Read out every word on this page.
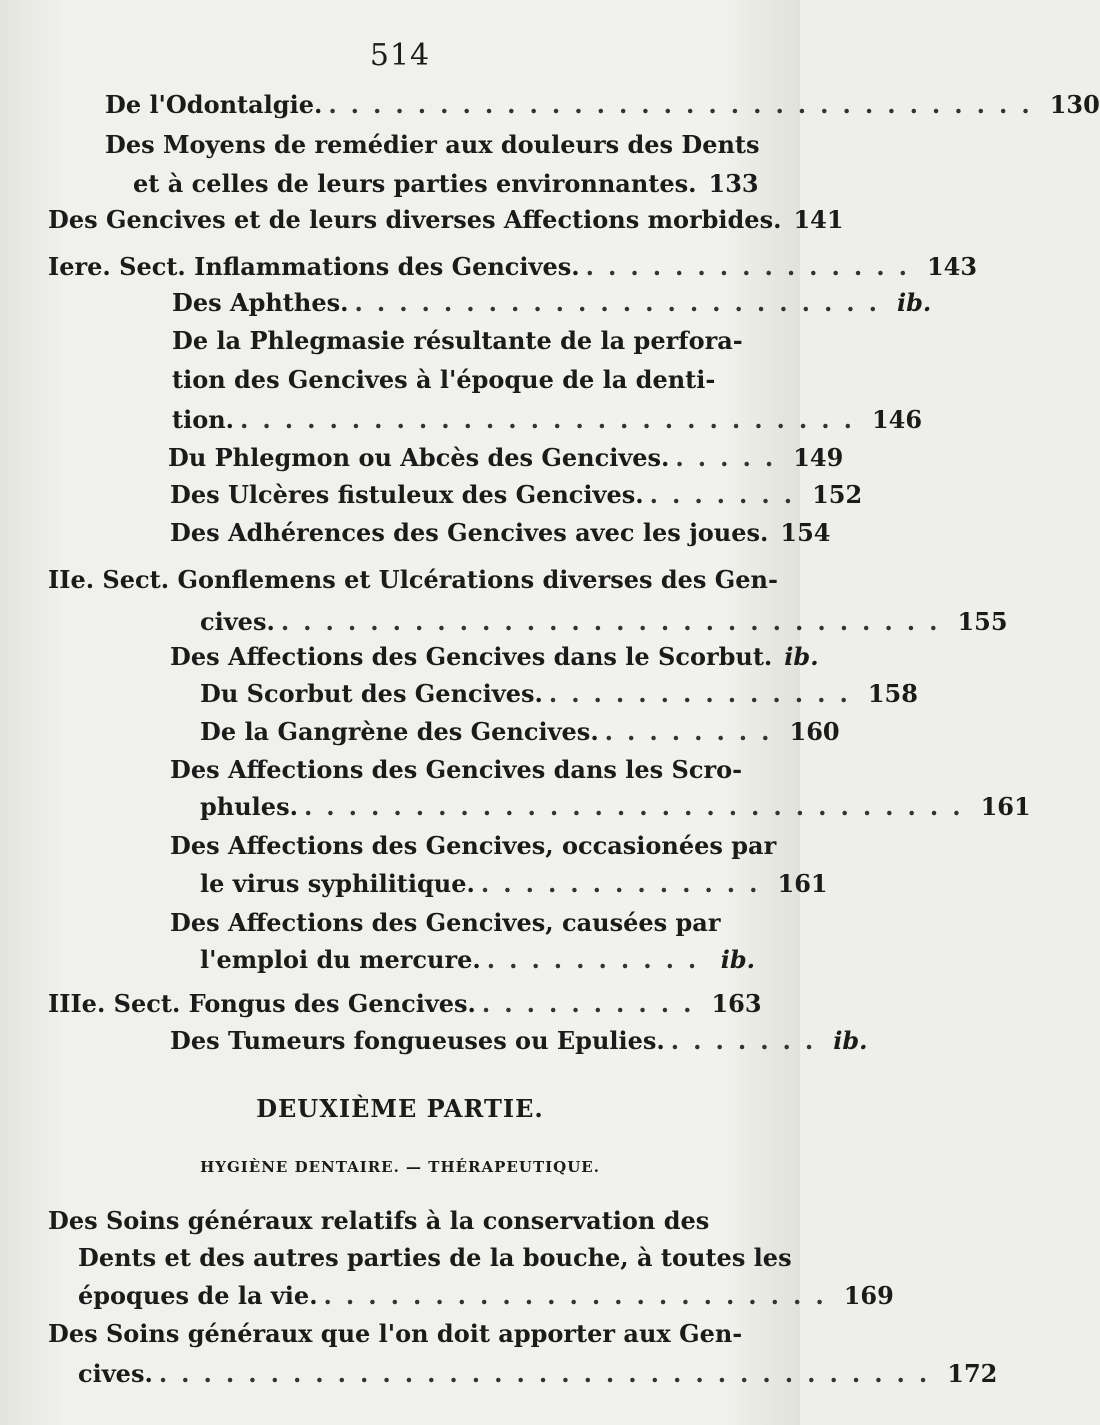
514
De l'Odontalgie. ................................ 130
Des Moyens de remédier aux douleurs des Dents
et à celles de leurs parties environnantes. 133
Des Gencives et de leurs diverses Affections morbides. 141
Iere. Sect. Inflammations des Gencives. ............... 143
Des Aphthes. ........................ ib.
De la Phlegmasie résultante de la perfora-
tion des Gencives à l'époque de la denti-
tion. ............................ 146
Du Phlegmon ou Abcès des Gencives. ..... 149
Des Ulcères fistuleux des Gencives. ....... 152
Des Adhérences des Gencives avec les joues. 154
IIe. Sect. Gonflemens et Ulcérations diverses des Gen-
cives. .............................. 155
Des Affections des Gencives dans le Scorbut. ib.
Du Scorbut des Gencives. .............. 158
De la Gangrène des Gencives. ........ 160
Des Affections des Gencives dans les Scro-
phules. .............................. 161
Des Affections des Gencives, occasionées par
le virus syphilitique. ............. 161
Des Affections des Gencives, causées par
l'emploi du mercure. .......... ib.
IIIe. Sect. Fongus des Gencives. .......... 163
Des Tumeurs fongueuses ou Epulies. ....... ib.
DEUXIÈME PARTIE.
HYGIÈNE DENTAIRE. — THÉRAPEUTIQUE.
Des Soins généraux relatifs à la conservation des
Dents et des autres parties de la bouche, à toutes les
époques de la vie. ....................... 169
Des Soins généraux que l'on doit apporter aux Gen-
cives. ................................... 172
